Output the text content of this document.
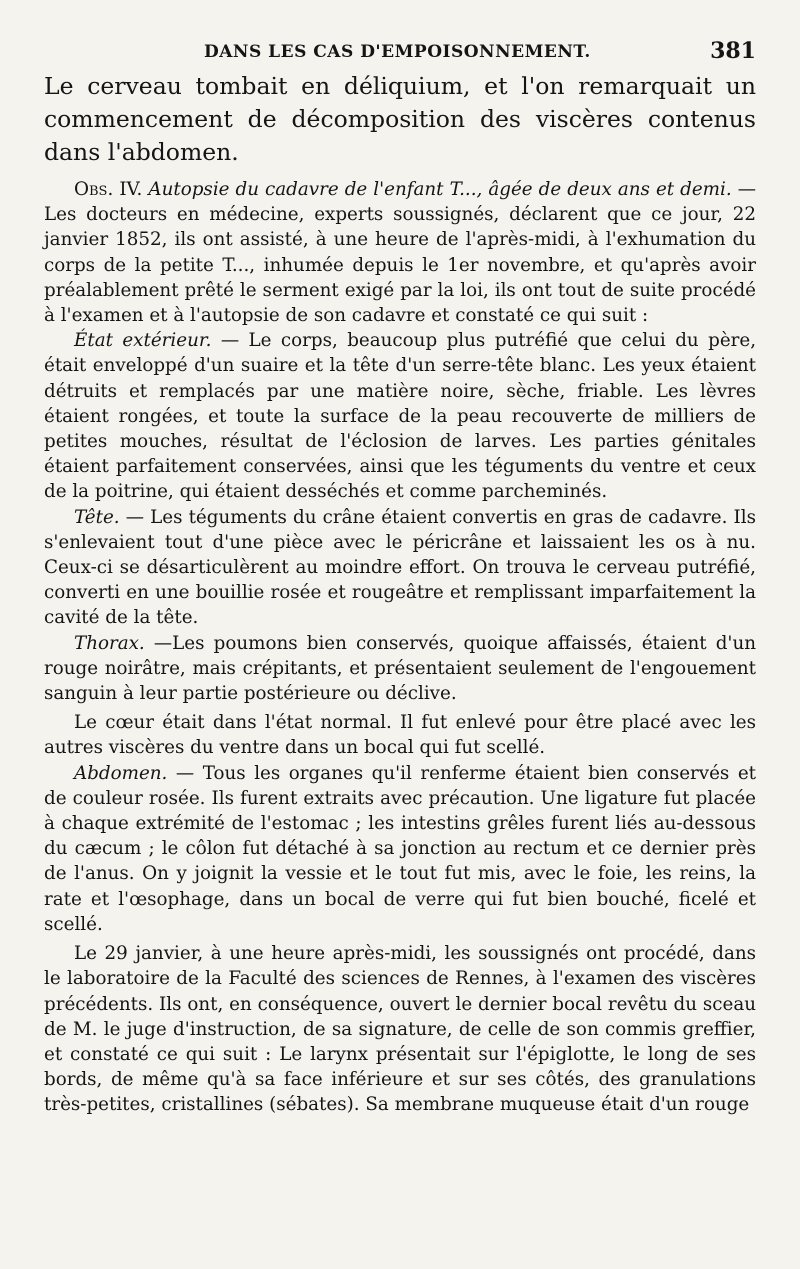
DANS LES CAS D'EMPOISONNEMENT.	381

Le cerveau tombait en déliquium, et l'on remarquait un commencement de décomposition des viscères contenus dans l'abdomen.

Obs. IV. Autopsie du cadavre de l'enfant T..., âgée de deux ans et demi. — Les docteurs en médecine, experts soussignés, déclarent que ce jour, 22 janvier 1852, ils ont assisté, à une heure de l'après-midi, à l'exhumation du corps de la petite T..., inhumée depuis le 1er novembre, et qu'après avoir préalablement prêté le serment exigé par la loi, ils ont tout de suite procédé à l'examen et à l'autopsie de son cadavre et constaté ce qui suit :

État extérieur. — Le corps, beaucoup plus putréfié que celui du père, était enveloppé d'un suaire et la tête d'un serre-tête blanc. Les yeux étaient détruits et remplacés par une matière noire, sèche, friable. Les lèvres étaient rongées, et toute la surface de la peau recouverte de milliers de petites mouches, résultat de l'éclosion de larves. Les parties génitales étaient parfaitement conservées, ainsi que les téguments du ventre et ceux de la poitrine, qui étaient desséchés et comme parcheminés.

Tête. — Les téguments du crâne étaient convertis en gras de cadavre. Ils s'enlevaient tout d'une pièce avec le péricrâne et laissaient les os à nu. Ceux-ci se désarticulèrent au moindre effort. On trouva le cerveau putréfié, converti en une bouillie rosée et rougeâtre et remplissant imparfaitement la cavité de la tête.

Thorax. —Les poumons bien conservés, quoique affaissés, étaient d'un rouge noirâtre, mais crépitants, et présentaient seulement de l'engouement sanguin à leur partie postérieure ou déclive.

Le cœur était dans l'état normal. Il fut enlevé pour être placé avec les autres viscères du ventre dans un bocal qui fut scellé.

Abdomen. — Tous les organes qu'il renferme étaient bien conservés et de couleur rosée. Ils furent extraits avec précaution. Une ligature fut placée à chaque extrémité de l'estomac ; les intestins grêles furent liés au-dessous du cæcum ; le côlon fut détaché à sa jonction au rectum et ce dernier près de l'anus. On y joignit la vessie et le tout fut mis, avec le foie, les reins, la rate et l'œsophage, dans un bocal de verre qui fut bien bouché, ficelé et scellé.

Le 29 janvier, à une heure après-midi, les soussignés ont procédé, dans le laboratoire de la Faculté des sciences de Rennes, à l'examen des viscères précédents. Ils ont, en conséquence, ouvert le dernier bocal revêtu du sceau de M. le juge d'instruction, de sa signature, de celle de son commis greffier, et constaté ce qui suit : Le larynx présentait sur l'épiglotte, le long de ses bords, de même qu'à sa face inférieure et sur ses côtés, des granulations très-petites, cristallines (sébates). Sa membrane muqueuse était d'un rouge
